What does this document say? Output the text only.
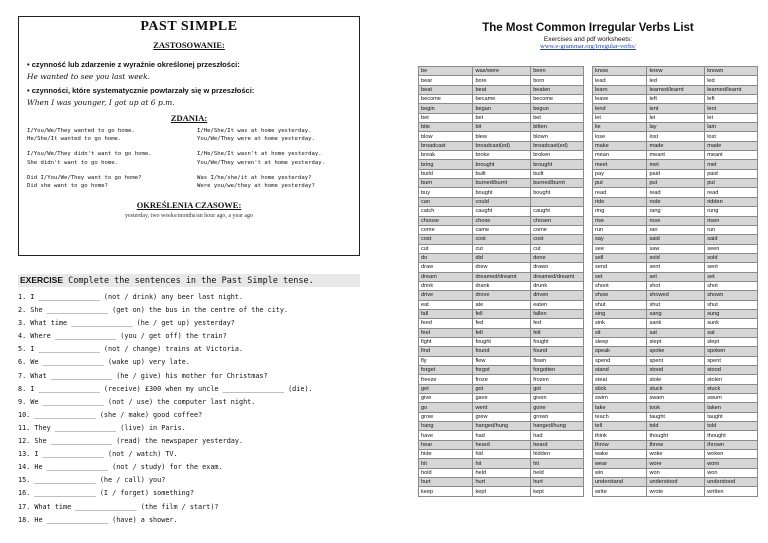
PAST SIMPLE
ZASTOSOWANIE:
• czynność lub zdarzenie z wyraźnie określonej przeszłości:
He wanted to see you last week.
• czynności, które systematycznie powtarzały się w przeszłości:
When I was younger, I got up at 6 p.m.
ZDANIA:
I/You/We/They wanted to go home.	I/He/She/It was at home yesterday.
He/She/It wanted to go home.	You/We/They were at home yesterday.
I/You/We/They didn't want to go home.	I/He/She/It wasn't at home yesterday.
She didn't want to go home.	You/We/They weren't at home yesterday.
Did I/You/We/They want to go home?	Was I/he/she/it at home yesterday?
Did she want to go home?	Were you/we/they at home yesterday?
OKREŚLENIA CZASOWE:
yesterday, two weeks/months/an hour ago, a year ago
EXERCISE Complete the sentences in the Past Simple tense.
1. I _______________ (not / drink) any beer last night.
2. She _______________ (get on) the bus in the centre of the city.
3. What time _______________ (he / get up) yesterday?
4. Where _______________ (you / get off) the train?
5. I _______________ (not / change) trains at Victoria.
6. We _______________ (wake up) very late.
7. What _______________ (he / give) his mother for Christmas?
8. I _______________ (receive) £300 when my uncle _______________ (die).
9. We _______________ (not / use) the computer last night.
10. _______________ (she / make) good coffee?
11. They _______________ (live) in Paris.
12. She _______________ (read) the newspaper yesterday.
13. I _______________ (not / watch) TV.
14. He _______________ (not / study) for the exam.
15. _______________ (he / call) you?
16. _______________ (I / forget) something?
17. What time _______________ (the film / start)?
18. He _______________ (have) a shower.
The Most Common Irregular Verbs List
Exercises and pdf worksheets:
www.e-grammar.org/irregular-verbs/
be	was/were	been
bear	bore	born
beat	beat	beaten
become	became	become
begin	began	begun
bet	bet	bet
bite	bit	bitten
blow	blew	blown
broadcast	broadcast(ed)	broadcast(ed)
break	broke	broken
bring	brought	brought
build	built	built
burn	burned/burnt	burned/burnt
buy	bought	bought
can	could	
catch	caught	caught
choose	chose	chosen
come	came	come
cost	cost	cost
cut	cut	cut
do	did	done
draw	drew	drawn
dream	dreamed/dreamt	dreamed/dreamt
drink	drank	drunk
drive	drove	driven
eat	ate	eaten
fall	fell	fallen
feed	fed	fed
feel	felt	felt
fight	fought	fought
find	found	found
fly	flew	flown
forget	forgot	forgotten
freeze	froze	frozen
get	got	got
give	gave	given
go	went	gone
grow	grew	grown
hang	hanged/hung	hanged/hung
have	had	had
hear	heard	heard
hide	hid	hidden
hit	hit	hit
hold	held	held
hurt	hurt	hurt
keep	kept	kept
know	knew	known
lead	led	led
learn	learned/learnt	learned/learnt
leave	left	left
lend	lent	lent
let	let	let
lie	lay	lain
lose	lost	lost
make	made	made
mean	meant	meant
meet	met	met
pay	paid	paid
put	put	put
read	read	read
ride	rode	ridden
ring	rang	rung
rise	rose	risen
run	ran	run
say	said	said
see	saw	seen
sell	sold	sold
send	sent	sent
set	set	set
shoot	shot	shot
show	showed	shown
shut	shut	shut
sing	sang	sung
sink	sank	sunk
sit	sat	sat
sleep	slept	slept
speak	spoke	spoken
spend	spent	spent
stand	stood	stood
steal	stole	stolen
stick	stuck	stuck
swim	swam	swum
take	took	taken
teach	taught	taught
tell	told	told
think	thought	thought
throw	threw	thrown
wake	woke	woken
wear	wore	worn
win	won	won
understand	understood	understood
write	wrote	written
